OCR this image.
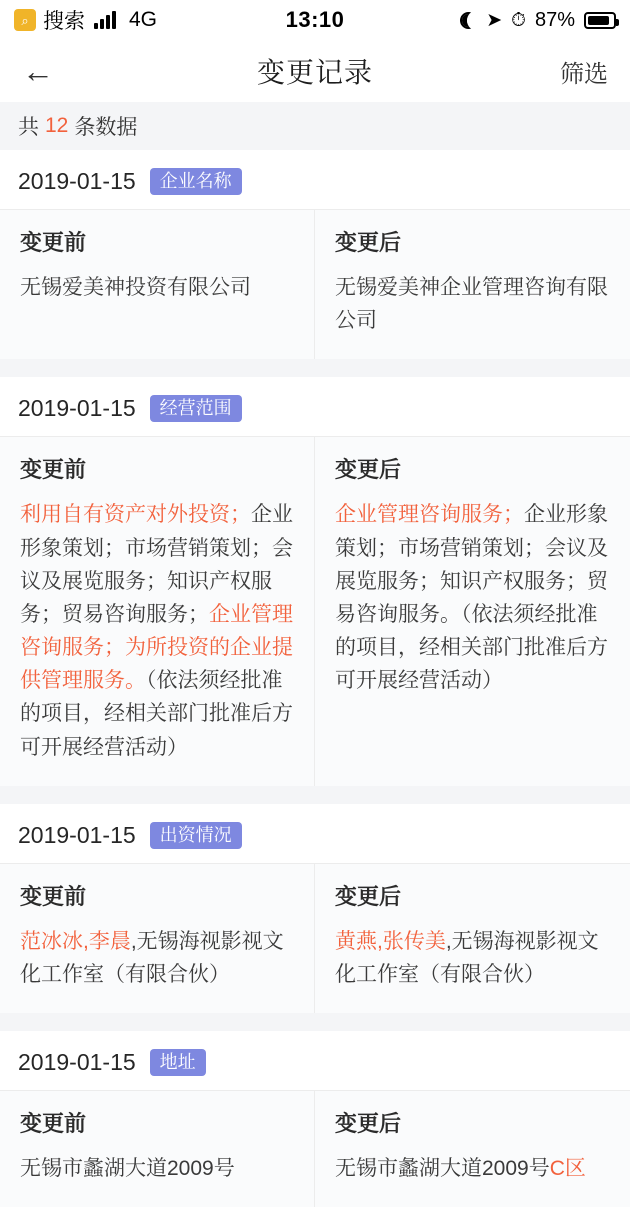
⌕ 搜索 4G	13:10	➤ ⏱ 87%
←	变更记录	筛选
共 12 条数据
2019-01-15	企业名称
变更前
无锡爱美神投资有限公司
变更后
无锡爱美神企业管理咨询有限公司
2019-01-15	经营范围
变更前
利用自有资产对外投资；企业形象策划；市场营销策划；会议及展览服务；知识产权服务；贸易咨询服务；企业管理咨询服务；为所投资的企业提供管理服务。（依法须经批准的项目，经相关部门批准后方可开展经营活动）
变更后
企业管理咨询服务；企业形象策划；市场营销策划；会议及展览服务；知识产权服务；贸易咨询服务。（依法须经批准的项目，经相关部门批准后方可开展经营活动）
2019-01-15	出资情况
变更前
范冰冰,李晨,无锡海视影视文化工作室（有限合伙）
变更后
黄燕,张传美,无锡海视影视文化工作室（有限合伙）
2019-01-15	地址
变更前
无锡市蠡湖大道2009号
变更后
无锡市蠡湖大道2009号C区
